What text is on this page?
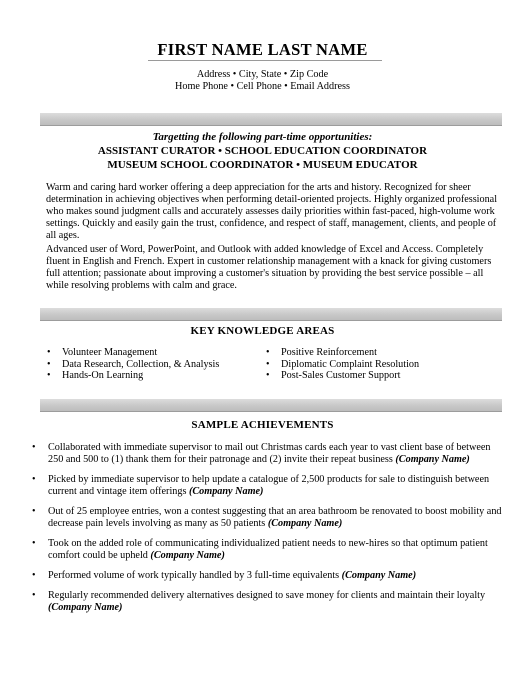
FIRST NAME LAST NAME
Address • City, State • Zip Code
Home Phone • Cell Phone • Email Address
Targetting the following part-time opportunities:
ASSISTANT CURATOR • SCHOOL EDUCATION COORDINATOR
MUSEUM SCHOOL COORDINATOR • MUSEUM EDUCATOR
Warm and caring hard worker offering a deep appreciation for the arts and history. Recognized for sheer determination in achieving objectives when performing detail-oriented projects. Highly organized professional who makes sound judgment calls and accurately assesses daily priorities within fast-paced, high-volume work settings. Quickly and easily gain the trust, confidence, and respect of staff, management, clients, and people of all ages.
Advanced user of Word, PowerPoint, and Outlook with added knowledge of Excel and Access. Completely fluent in English and French. Expert in customer relationship management with a knack for giving customers full attention; passionate about improving a customer's situation by providing the best service possible – all while resolving problems with calm and grace.
KEY KNOWLEDGE AREAS
• Volunteer Management
• Data Research, Collection, & Analysis
• Hands-On Learning
• Positive Reinforcement
• Diplomatic Complaint Resolution
• Post-Sales Customer Support
SAMPLE ACHIEVEMENTS
• Collaborated with immediate supervisor to mail out Christmas cards each year to vast client base of between 250 and 500 to (1) thank them for their patronage and (2) invite their repeat business (Company Name)
• Picked by immediate supervisor to help update a catalogue of 2,500 products for sale to distinguish between current and vintage item offerings (Company Name)
• Out of 25 employee entries, won a contest suggesting that an area bathroom be renovated to boost mobility and decrease pain levels involving as many as 50 patients (Company Name)
• Took on the added role of communicating individualized patient needs to new-hires so that optimum patient comfort could be upheld (Company Name)
• Performed volume of work typically handled by 3 full-time equivalents (Company Name)
• Regularly recommended delivery alternatives designed to save money for clients and maintain their loyalty (Company Name)
